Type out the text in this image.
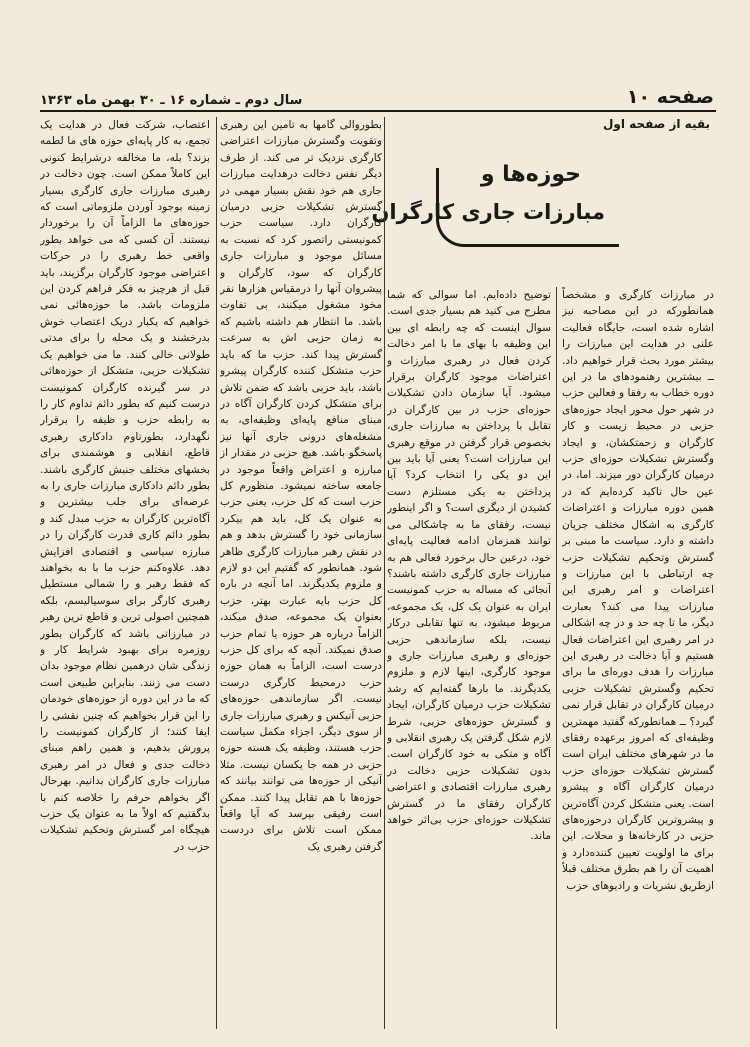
صفحه ۱۰
سال دوم ـ شماره ۱۶ ـ ۳۰ بهمن ماه ۱۳۶۳
بقیه از صفحه اول
حوزه‌ها و
مبارزات جاری کارگران

در مبارزات کارگری و مشخصاً همانطورکه در این مصاحبه نیز اشاره شده است، جایگاه فعالیت علنی در هدایت این مبارزات را بیشتر مورد بحث قرار خواهیم داد. ــ بیشترین رهنمودهای ما در این دوره خطاب به رفقا و فعالین حزب در شهر حول محور ایجاد حوزه‌های حزبی در محیط زیست و کار کارگران و زحمتکشان، و ایجاد وگسترش تشکیلات حوزه‌ای حزب درمیان کارگران دور میزند. اما، در عین حال تاکید کرده‌ایم که در همین دوره مبارزات و اعتراضات کارگری به اشکال مختلف جریان داشته و دارد. سیاست ما مبنی بر گسترش وتحکیم تشکیلات حزب چه ارتباطی با این مبارزات و اعتراضات و امر رهبری این مبارزات پیدا می کند؟ بعبارت دیگر، ما تا چه حد و در چه اشکالی در امر رهبری این اعتراضات فعال هستیم و آیا دخالت در رهبری این مبارزات را هدف دوره‌ای ما برای تحکیم وگسترش تشکیلات حزبی درمیان کارگران در تقابل قرار نمی گیرد؟ ــ همانطورکه گفتید مهمترین وظیفه‌ای که امروز برعهده رفقای ما در شهرهای مختلف ایران است گسترش تشکیلات حوزه‌ای حزب درمیان کارگران آگاه و پیشرو است. یعنی متشکل کردن آگاه‌ترین و پیشروترین کارگران درحوزه‌های حزبی در کارخانه‌ها و محلات. این برای ما اولویت تعیین کننده‌دارد و اهمیت آن را هم بطرق مختلف قبلاً ازطریق نشریات و رادیوهای حزب

توضیح داده‌ایم. اما سوالی که شما مطرح می کنید هم بسیار جدی است. سوال اینست که چه رابطه ای بین این وظیفه با بهای ما با امر دخالت کردن فعال در رهبری مبارزات و اعتراضات موجود کارگران برقرار میشود. آیا سازمان دادن تشکیلات حوزه‌ای حزب در بین کارگران در تقابل با پرداختن به مبارزات جاری، بخصوص قرار گرفتن در موقع رهبری این مبارزات است؟ یعنی آیا باید بین این دو یکی را انتخاب کرد؟ آیا پرداختن به یکی مستلزم دست کشیدن از دیگری است؟ و اگر اینطور نیست، رفقای ما به چاشکالی می توانند همزمان ادامه فعالیت پایه‌ای خود، درعین حال برخورد فعالی هم به مبارزات جاری کارگری داشته باشند؟ آنجائی که مساله به حزب کمونیست ایران به عنوان یک کل، یک مجموعه، مربوط میشود، به تنها تقابلی درکار نیست، بلکه سازماندهی حزبی حوزه‌ای و رهبری مبارزات جاری و موجود کارگری، اینها لازم و ملزوم یکدیگرند. ما بارها گفته‌ایم که رشد تشکیلات حزب درمیان کارگران، ایجاد و گسترش حوزه‌های حزبی، شرط لازم شکل گرفتن یک رهبری انقلابی و آگاه و متکی به خود کارگران است. بدون تشکیلات حزبی دخالت در رهبری مبارزات اقتصادی و اعتراضی کارگران رفقای ما در گسترش تشکیلات حوزه‌ای حزب بی‌اثر خواهد ماند.

بطوروالی گامها به تامین این رهبری وتقویت وگسترش مبارزات اعتراضی کارگری نزدیک تر می کند. از طرف دیگر نفس دخالت درهدایت مبارزات جاری هم خود نقش بسیار مهمی در گسترش تشکیلات حزبی درمیان کارگران دارد. سیاست حزب کمونیستی راتصور کرد که نسبت به مسائل موجود و مبارزات جاری کارگران که سود، کارگران و پیشروان آنها را درمقیاس هزارها نفر مخود مشغول میکنند، بی تفاوت باشد. ما انتظار هم داشته باشیم که به زمان حزبی اش به سرعت گسترش پیدا کند. حزب ما که باید حزب متشکل کننده کارگران پیشرو باشد، باید حزبی باشد که ضمن تلاش برای متشکل کردن کارگران آگاه در مبنای منافع پایه‌ای وظیفه‌ای، به مشغله‌های درونی جاری آنها نیز پاسخگو باشد. هیچ حزبی در مقدار از مبارزه و اعتراض واقعاً موجود در جامعه ساخته نمیشود. منظورم کل حزب است که کل حزب، یعنی حزب به عنوان یک کل، باید هم بیکرد سازمانی خود را گسترش بدهد و هم در نقش رهبر مبارزات کارگری ظاهر شود. همانطور که گفتیم این دو لازم و ملزوم یکدیگرند. اما آنچه در باره کل حزب بایه عبارت بهتر، حزب بعنوان یک مجموعه، صدق میکند، الزاماً درباره هر حوزه یا تمام حزب صدق نمیکند. آنچه که برای کل حزب درست است، الزاماً به همان حوزه حزب درمحیط کارگری درست نیست. اگر سازماندهی حوزه‌های حزبی آنیکس و رهبری مبارزات جاری از سوی دیگر، اجزاء مکمل سیاست حزب هستند، وظیفه یک هسته حوزه حزبی در همه جا یکسان نیست. مثلا آنیکی از حوزه‌ها می توانند بیانند که حوزه‌ها با هم تقابل پیدا کنند. ممکن است رفیقی بپرسد که آیا واقعاً ممکن است تلاش برای دردست گرفتن رهبری یک

اعتصاب، شرکت فعال در هدایت یک تجمع، به کار پایه‌ای حوزه های ما لطمه بزند؟ بله، ما مخالفه درشرایط کنونی این کاملاً ممکن است. چون دخالت در رهبری مبارزات جاری کارگری بسیار زمینه بوجود آوردن ملزوماتی است که حوزه‌های ما الزاماً آن را برخوردار نیستند. آن کسی که می خواهد بطور واقعی خط رهبری را در حرکات اعتراضی موجود کارگران برگزیند، باید قبل از هرچیز به فکر فراهم کردن این ملزومات باشد. ما حوزه‌هائی نمی خواهیم که یکبار دریک اعتصاب خوش بدرخشند و یک محله را برای مدتی طولانی خالی کنند. ما می خواهیم یک تشکیلات حزبی، متشکل از حوزه‌هائی در سر گیرنده کارگران کمونیست درست کنیم که بطور دائم تداوم کار را به رابطه حزب و ظیفه را برقرار نگهدارد، بطورتاوم دادکاری رهبری قاطع، انقلابی و هوشمندی برای بخشهای مختلف جنبش کارگری باشند. بطور دائم دادکاری مبارزات جاری را به عرصه‌ای برای جلب بیشترین و آگاه‌ترین کارگران به حزب مبدل کند و بطور دائم کاری قدرت کارگران را در مبارزه سیاسی و اقتصادی افزایش دهد. علاوه‌کنم حزب ما با به بخواهند که فقط رهبر و را شمالی مستطیل رهبری کارگر برای سوسیالیسم، بلکه همچنین اصولی ترین و قاطع ترین رهبر در مبارزاتی باشد که کارگران بطور روزمره برای بهبود شرایط کار و زندگی شان درهمین نظام موجود بدان دست می زنند. بنابراین طبیعی است که ما در این دوره از حوزه‌های خودمان را این قرار بخواهیم که چنین نقشی را ایفا کنند؛ از کارگران کمونیست را پرورش بدهیم، و همین راهم مبنای دخالت جدی و فعال در امر رهبری مبارزات جاری کارگران بدانیم. بهرحال اگر بخواهم حرفم را خلاصه کنم با بدگفتیم که اولاً ما به عنوان یک حزب هیچگاه امر گسترش وتحکیم تشکیلات حزب در
